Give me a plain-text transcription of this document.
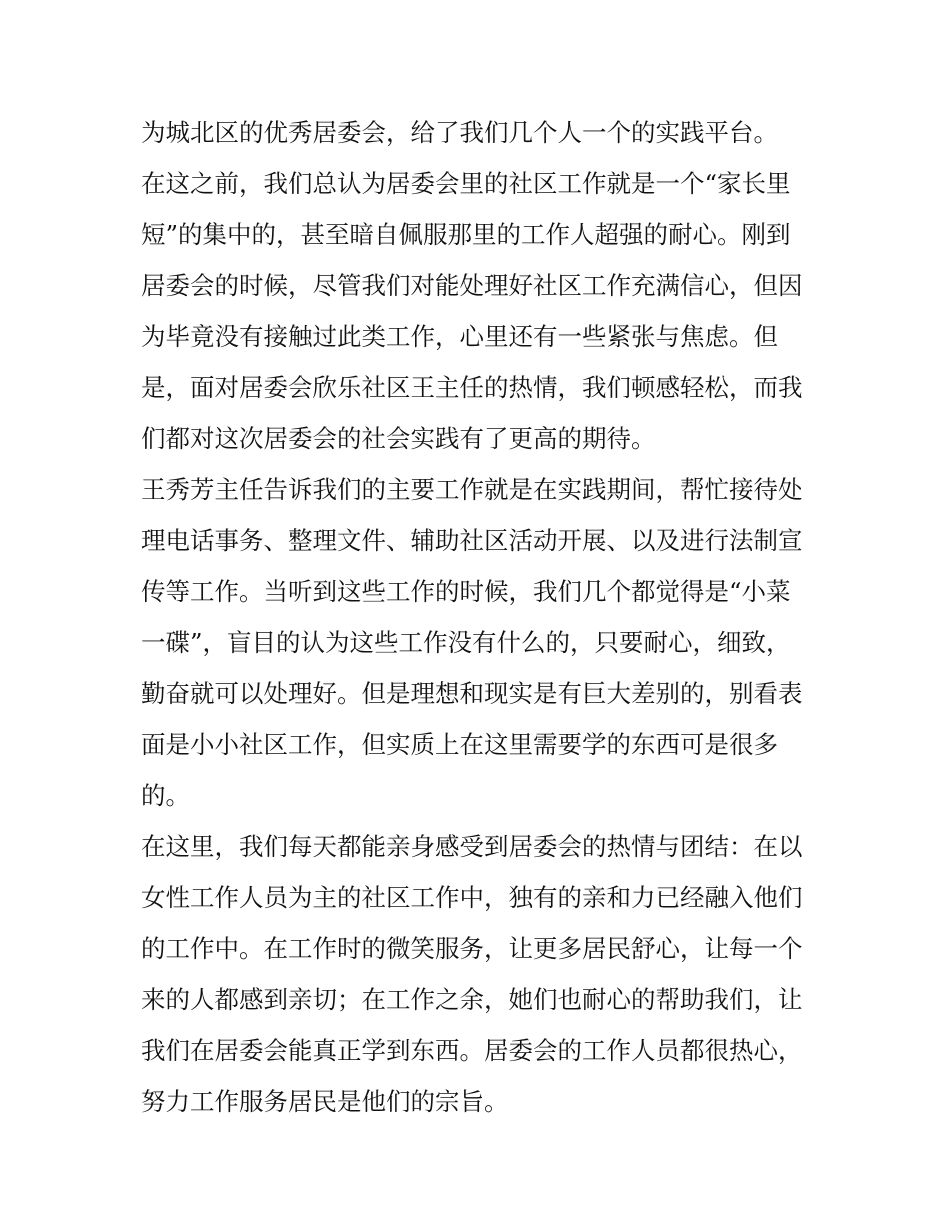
为城北区的优秀居委会，给了我们几个人一个的实践平台。
在这之前，我们总认为居委会里的社区工作就是一个“家长里
短”的集中的，甚至暗自佩服那里的工作人超强的耐心。刚到
居委会的时候，尽管我们对能处理好社区工作充满信心，但因
为毕竟没有接触过此类工作，心里还有一些紧张与焦虑。但
是，面对居委会欣乐社区王主任的热情，我们顿感轻松，而我
们都对这次居委会的社会实践有了更高的期待。
王秀芳主任告诉我们的主要工作就是在实践期间，帮忙接待处
理电话事务、整理文件、辅助社区活动开展、以及进行法制宣
传等工作。当听到这些工作的时候，我们几个都觉得是“小菜
一碟”，盲目的认为这些工作没有什么的，只要耐心，细致，
勤奋就可以处理好。但是理想和现实是有巨大差别的，别看表
面是小小社区工作，但实质上在这里需要学的东西可是很多
的。
在这里，我们每天都能亲身感受到居委会的热情与团结：在以
女性工作人员为主的社区工作中，独有的亲和力已经融入他们
的工作中。在工作时的微笑服务，让更多居民舒心，让每一个
来的人都感到亲切；在工作之余，她们也耐心的帮助我们，让
我们在居委会能真正学到东西。居委会的工作人员都很热心，
努力工作服务居民是他们的宗旨。
